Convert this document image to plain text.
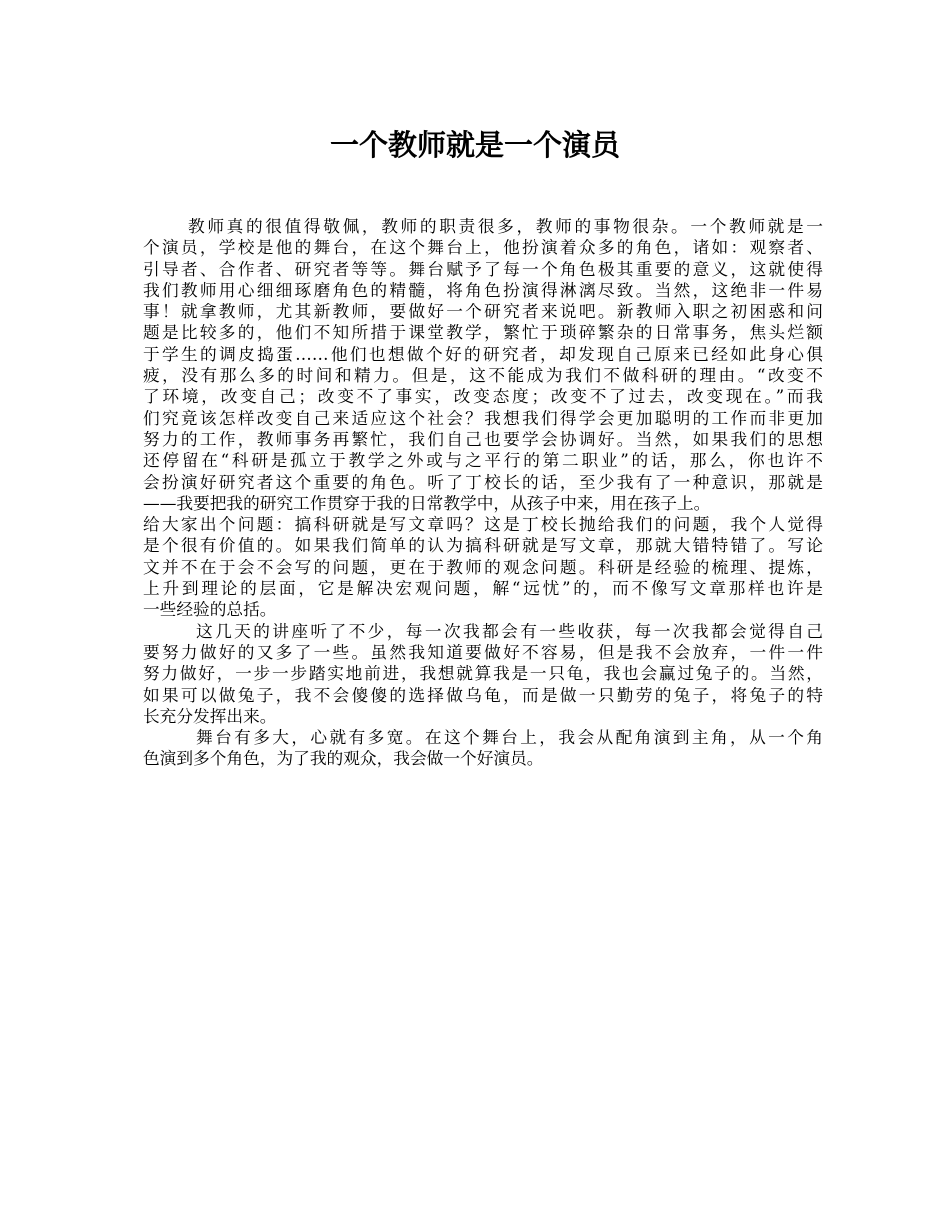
一个教师就是一个演员
教师真的很值得敬佩，教师的职责很多，教师的事物很杂。一个教师就是一
个演员，学校是他的舞台，在这个舞台上，他扮演着众多的角色，诸如：观察者、
引导者、合作者、研究者等等。舞台赋予了每一个角色极其重要的意义，这就使得
我们教师用心细细琢磨角色的精髓，将角色扮演得淋漓尽致。当然，这绝非一件易
事！就拿教师，尤其新教师，要做好一个研究者来说吧。新教师入职之初困惑和问
题是比较多的，他们不知所措于课堂教学，繁忙于琐碎繁杂的日常事务，焦头烂额
于学生的调皮捣蛋……他们也想做个好的研究者，却发现自己原来已经如此身心俱
疲，没有那么多的时间和精力。但是，这不能成为我们不做科研的理由。“改变不
了环境，改变自己；改变不了事实，改变态度；改变不了过去，改变现在。”而我
们究竟该怎样改变自己来适应这个社会？我想我们得学会更加聪明的工作而非更加
努力的工作，教师事务再繁忙，我们自己也要学会协调好。当然，如果我们的思想
还停留在“科研是孤立于教学之外或与之平行的第二职业”的话，那么，你也许不
会扮演好研究者这个重要的角色。听了丁校长的话，至少我有了一种意识，那就是
——我要把我的研究工作贯穿于我的日常教学中，从孩子中来，用在孩子上。
给大家出个问题：搞科研就是写文章吗？这是丁校长抛给我们的问题，我个人觉得
是个很有价值的。如果我们简单的认为搞科研就是写文章，那就大错特错了。写论
文并不在于会不会写的问题，更在于教师的观念问题。科研是经验的梳理、提炼，
上升到理论的层面，它是解决宏观问题，解“远忧”的，而不像写文章那样也许是
一些经验的总括。
这几天的讲座听了不少，每一次我都会有一些收获，每一次我都会觉得自己
要努力做好的又多了一些。虽然我知道要做好不容易，但是我不会放弃，一件一件
努力做好，一步一步踏实地前进，我想就算我是一只龟，我也会赢过兔子的。当然，
如果可以做兔子，我不会傻傻的选择做乌龟，而是做一只勤劳的兔子，将兔子的特
长充分发挥出来。
舞台有多大，心就有多宽。在这个舞台上，我会从配角演到主角，从一个角
色演到多个角色，为了我的观众，我会做一个好演员。
